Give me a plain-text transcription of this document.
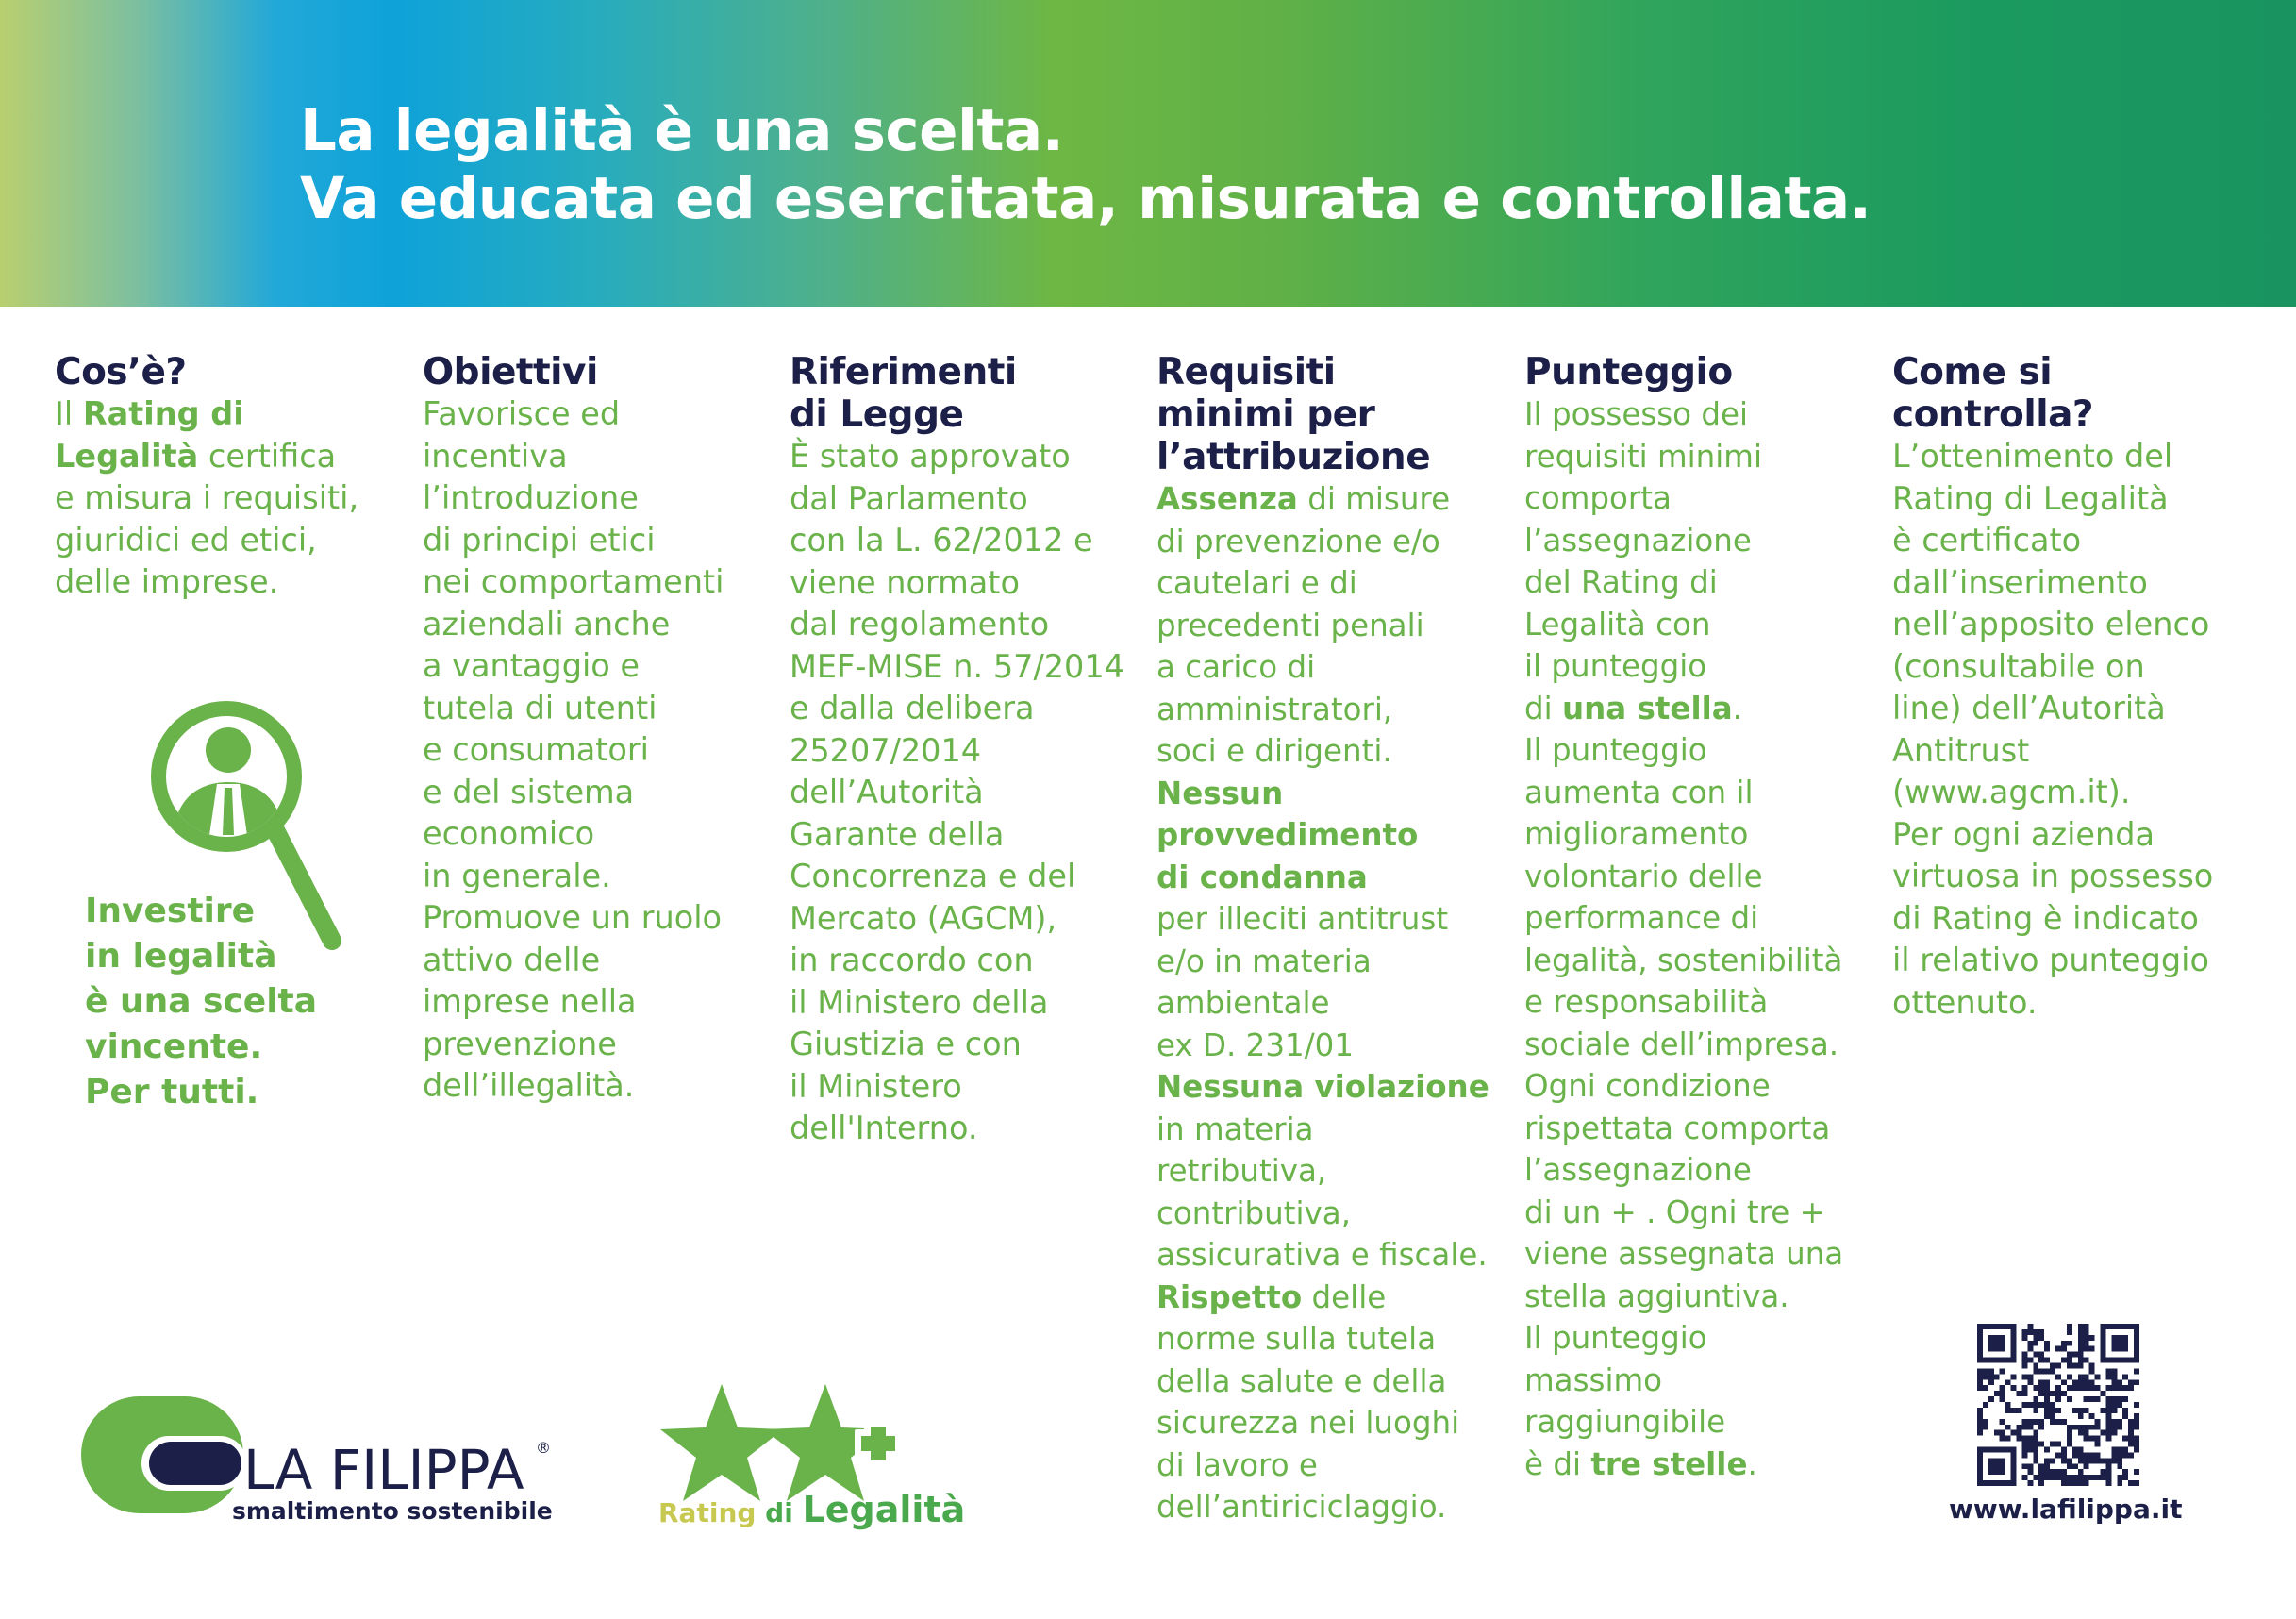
La legalità è una scelta.
Va educata ed esercitata, misurata e controllata.
Cos’è?
Il Rating di
Legalità certifica
e misura i requisiti,
giuridici ed etici,
delle imprese.
Obiettivi
Favorisce ed
incentiva
l’introduzione
di principi etici
nei comportamenti
aziendali anche
a vantaggio e
tutela di utenti
e consumatori
e del sistema
economico
in generale.
Promuove un ruolo
attivo delle
imprese nella
prevenzione
dell’illegalità.
Riferimenti
di Legge
È stato approvato
dal Parlamento
con la L. 62/2012 e
viene normato
dal regolamento
MEF-MISE n. 57/2014
e dalla delibera
25207/2014
dell’Autorità
Garante della
Concorrenza e del
Mercato (AGCM),
in raccordo con
il Ministero della
Giustizia e con
il Ministero
dell'Interno.
Requisiti
minimi per
l’attribuzione
Assenza di misure
di prevenzione e/o
cautelari e di
precedenti penali
a carico di
amministratori,
soci e dirigenti.
Nessun
provvedimento
di condanna
per illeciti antitrust
e/o in materia
ambientale
ex D. 231/01
Nessuna violazione
in materia
retributiva,
contributiva,
assicurativa e fiscale.
Rispetto delle
norme sulla tutela
della salute e della
sicurezza nei luoghi
di lavoro e
dell’antiriciclaggio.
Punteggio
Il possesso dei
requisiti minimi
comporta
l’assegnazione
del Rating di
Legalità con
il punteggio
di una stella.
Il punteggio
aumenta con il
miglioramento
volontario delle
performance di
legalità, sostenibilità
e responsabilità
sociale dell’impresa.
Ogni condizione
rispettata comporta
l’assegnazione
di un + . Ogni tre +
viene assegnata una
stella aggiuntiva.
Il punteggio
massimo
raggiungibile
è di tre stelle.
Come si
controlla?
L’ottenimento del
Rating di Legalità
è certificato
dall’inserimento
nell’apposito elenco
(consultabile on
line) dell’Autorità
Antitrust
(www.agcm.it).
Per ogni azienda
virtuosa in possesso
di Rating è indicato
il relativo punteggio
ottenuto.
Investire
in legalità
è una scelta
vincente.
Per tutti.
LA FILIPPA ®
smaltimento sostenibile	Rating di Legalità	www.lafilippa.it
